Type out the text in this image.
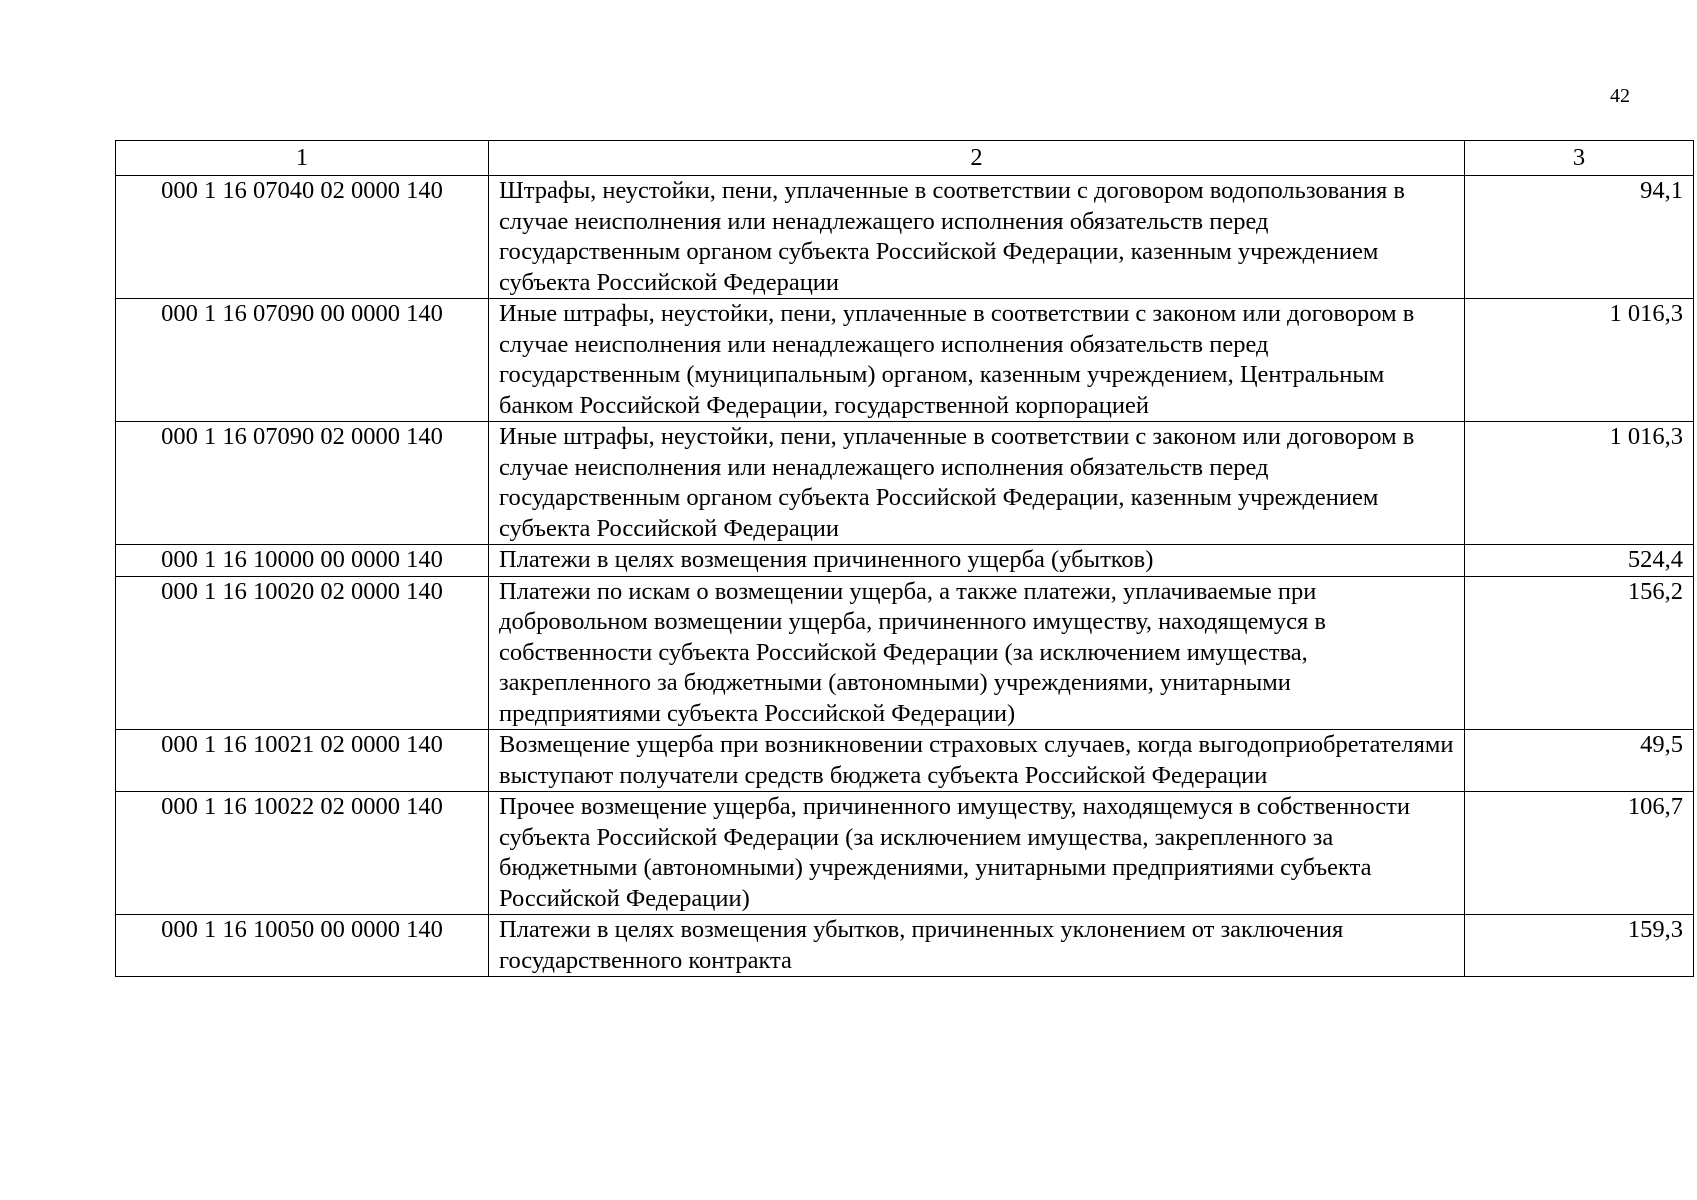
42
1	2	3
000 1 16 07040 02 0000 140	Штрафы, неустойки, пени, уплаченные в соответствии с договором водопользования в случае неисполнения или ненадлежащего исполнения обязательств перед государственным органом субъекта Российской Федерации, казенным учреждением субъекта Российской Федерации	94,1
000 1 16 07090 00 0000 140	Иные штрафы, неустойки, пени, уплаченные в соответствии с законом или договором в случае неисполнения или ненадлежащего исполнения обязательств перед государственным (муниципальным) органом, казенным учреждением, Центральным банком Российской Федерации, государственной корпорацией	1 016,3
000 1 16 07090 02 0000 140	Иные штрафы, неустойки, пени, уплаченные в соответствии с законом или договором в случае неисполнения или ненадлежащего исполнения обязательств перед государственным органом субъекта Российской Федерации, казенным учреждением субъекта Российской Федерации	1 016,3
000 1 16 10000 00 0000 140	Платежи в целях возмещения причиненного ущерба (убытков)	524,4
000 1 16 10020 02 0000 140	Платежи по искам о возмещении ущерба, а также платежи, уплачиваемые при добровольном возмещении ущерба, причиненного имуществу, находящемуся в собственности субъекта Российской Федерации (за исключением имущества, закрепленного за бюджетными (автономными) учреждениями, унитарными предприятиями субъекта Российской Федерации)	156,2
000 1 16 10021 02 0000 140	Возмещение ущерба при возникновении страховых случаев, когда выгодоприобретателями выступают получатели средств бюджета субъекта Российской Федерации	49,5
000 1 16 10022 02 0000 140	Прочее возмещение ущерба, причиненного имуществу, находящемуся в собственности субъекта Российской Федерации (за исключением имущества, закрепленного за бюджетными (автономными) учреждениями, унитарными предприятиями субъекта Российской Федерации)	106,7
000 1 16 10050 00 0000 140	Платежи в целях возмещения убытков, причиненных уклонением от заключения государственного контракта	159,3
